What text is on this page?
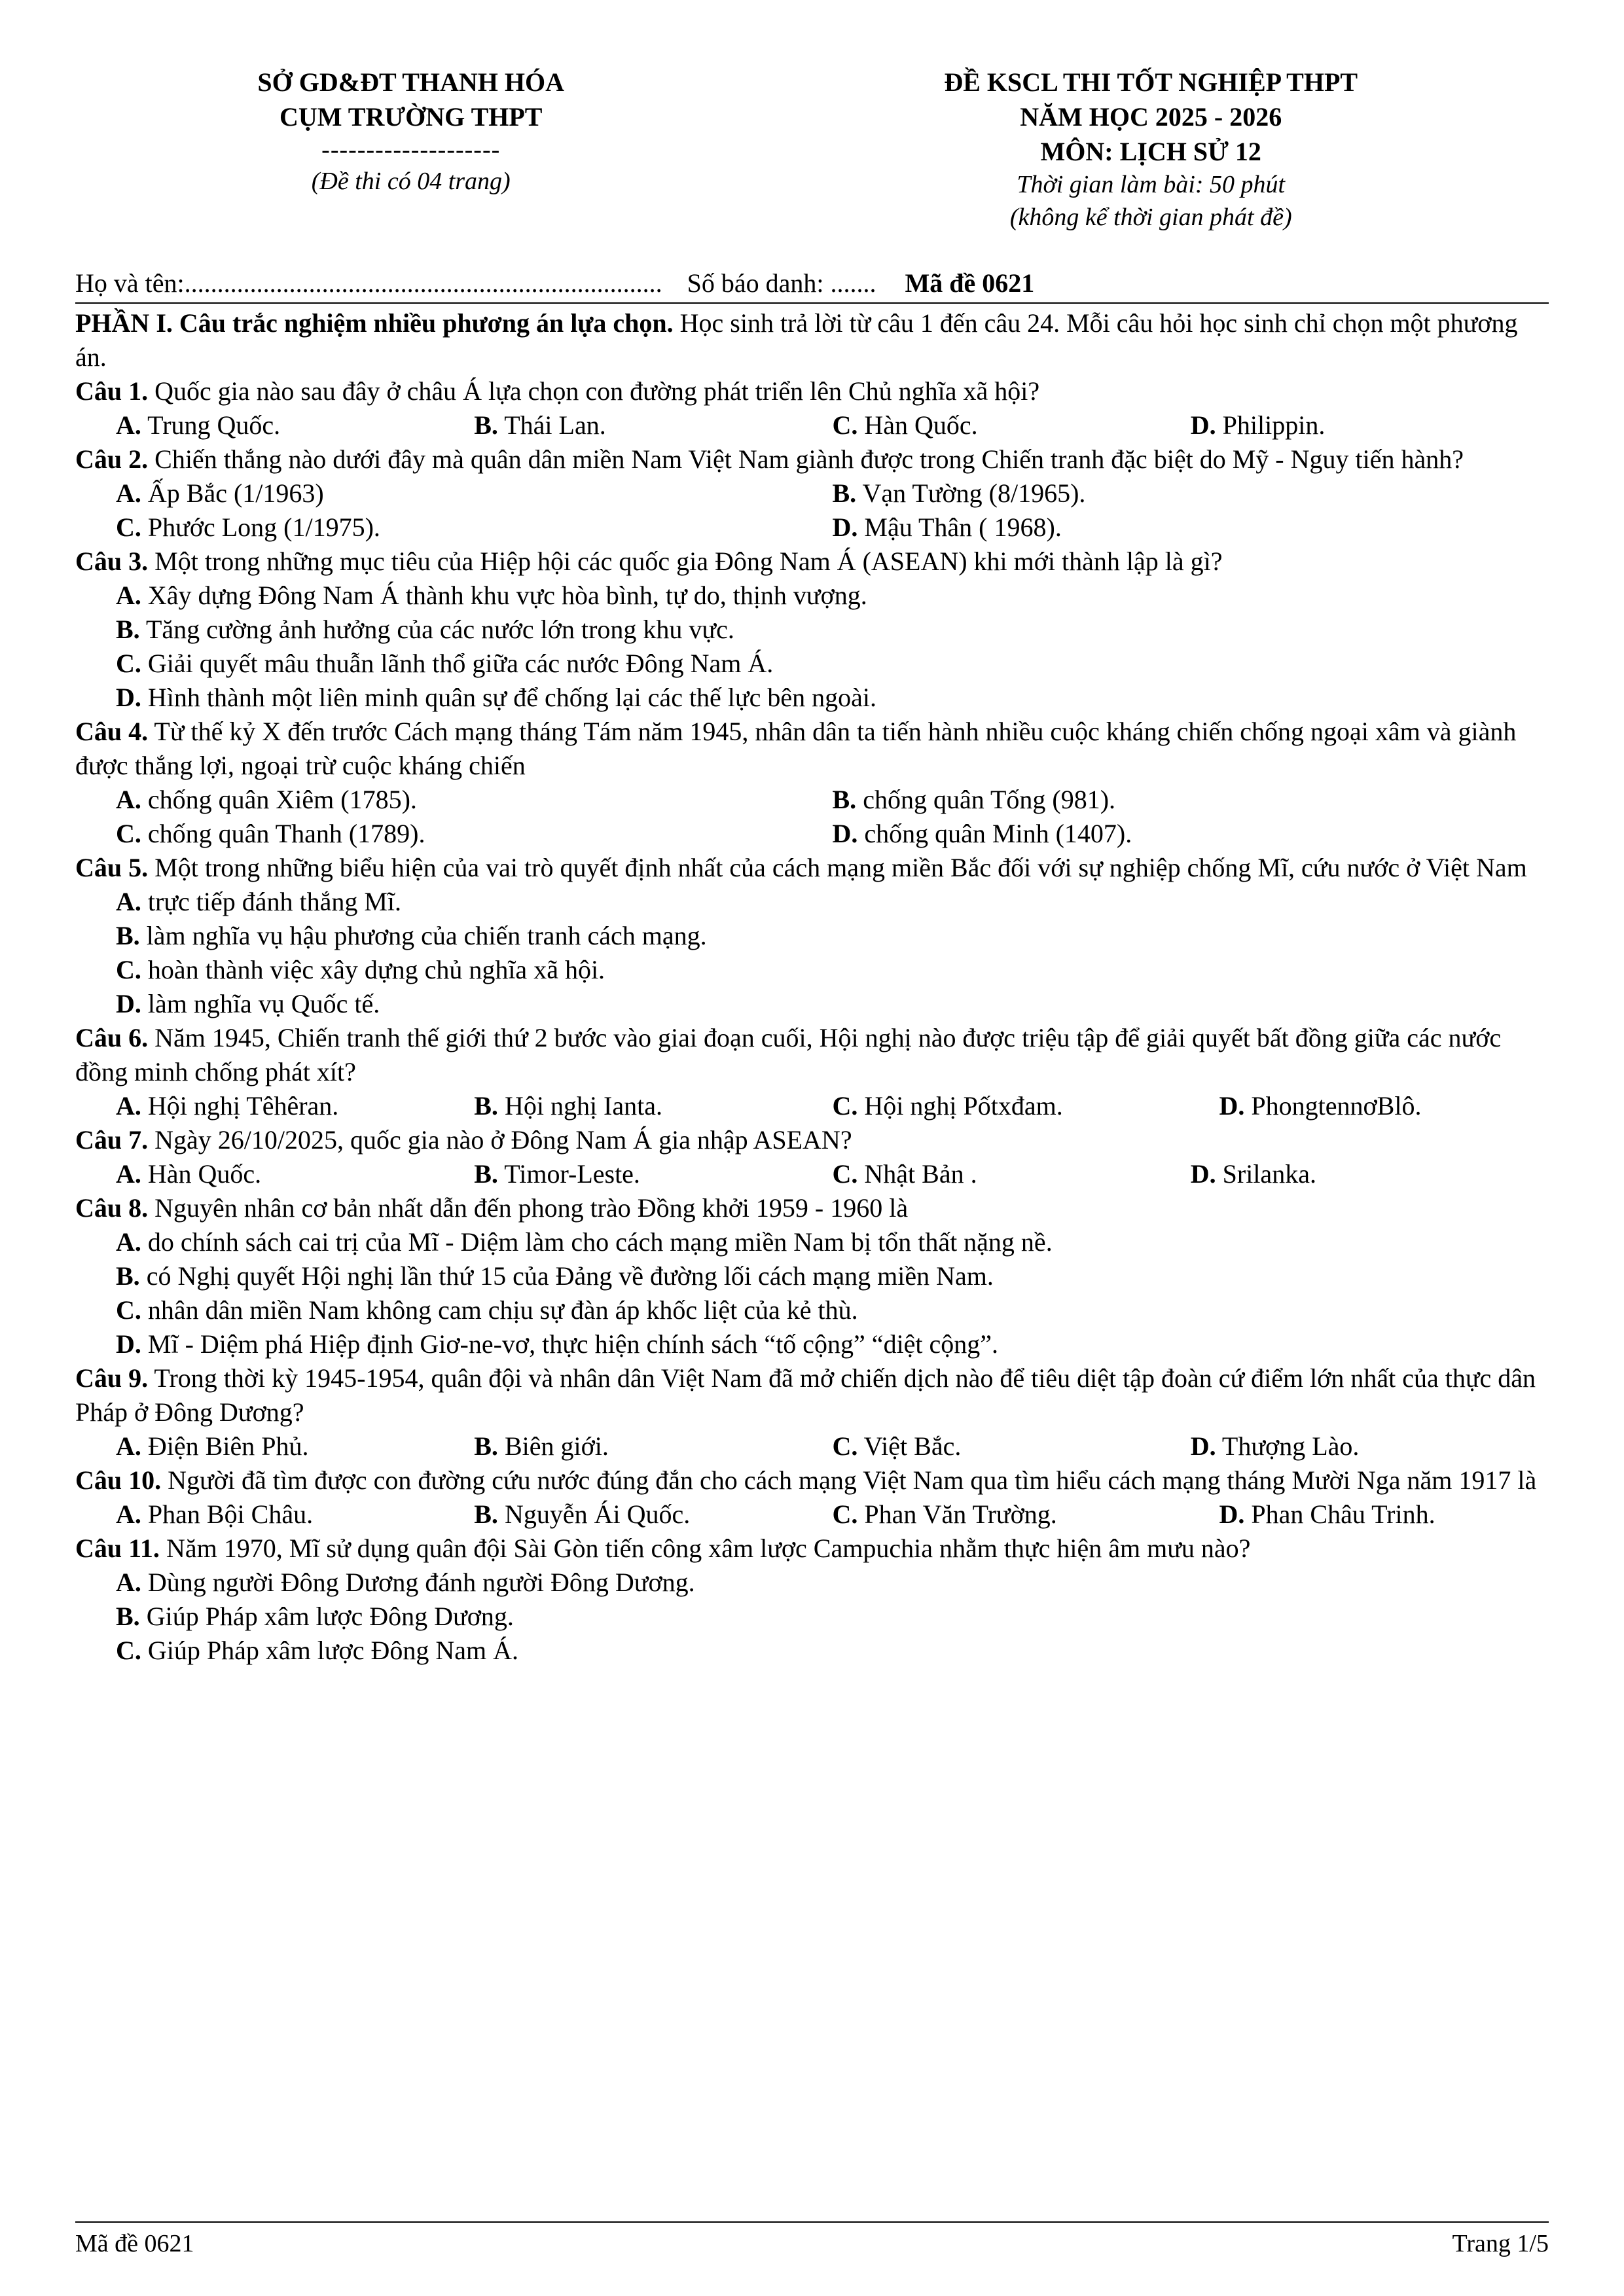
SỞ GD&ĐT THANH HÓA
CỤM TRƯỜNG THPT
--------------------
(Đề thi có 04 trang)
ĐỀ KSCL THI TỐT NGHIỆP THPT
NĂM HỌC 2025 - 2026
MÔN: LỊCH SỬ 12
Thời gian làm bài: 50 phút
(không kể thời gian phát đề)
Họ và tên: ......................................................................... Số báo danh: ....... Mã đề 0621

PHẦN I. Câu trắc nghiệm nhiều phương án lựa chọn. Học sinh trả lời từ câu 1 đến câu 24. Mỗi câu hỏi học sinh chỉ chọn một phương án.

Câu 1. Quốc gia nào sau đây ở châu Á lựa chọn con đường phát triển lên Chủ nghĩa xã hội?

A. Trung Quốc.	B. Thái Lan.	C. Hàn Quốc.	D. Philippin.

Câu 2. Chiến thắng nào dưới đây mà quân dân miền Nam Việt Nam giành được trong Chiến tranh đặc biệt do Mỹ - Nguy tiến hành?

A. Ấp Bắc (1/1963)	B. Vạn Tường (8/1965).
C. Phước Long (1/1975).	D. Mậu Thân ( 1968).

Câu 3. Một trong những mục tiêu của Hiệp hội các quốc gia Đông Nam Á (ASEAN) khi mới thành lập là gì?

A. Xây dựng Đông Nam Á thành khu vực hòa bình, tự do, thịnh vượng.

B. Tăng cường ảnh hưởng của các nước lớn trong khu vực.

C. Giải quyết mâu thuẫn lãnh thổ giữa các nước Đông Nam Á.

D. Hình thành một liên minh quân sự để chống lại các thế lực bên ngoài.

Câu 4. Từ thế kỷ X đến trước Cách mạng tháng Tám năm 1945, nhân dân ta tiến hành nhiều cuộc kháng chiến chống ngoại xâm và giành được thắng lợi, ngoại trừ cuộc kháng chiến

A. chống quân Xiêm (1785).	B. chống quân Tống (981).
C. chống quân Thanh (1789).	D. chống quân Minh (1407).

Câu 5. Một trong những biểu hiện của vai trò quyết định nhất của cách mạng miền Bắc đối với sự nghiệp chống Mĩ, cứu nước ở Việt Nam

A. trực tiếp đánh thắng Mĩ.

B. làm nghĩa vụ hậu phương của chiến tranh cách mạng.

C. hoàn thành việc xây dựng chủ nghĩa xã hội.

D. làm nghĩa vụ Quốc tế.

Câu 6. Năm 1945, Chiến tranh thế giới thứ 2 bước vào giai đoạn cuối, Hội nghị nào được triệu tập để giải quyết bất đồng giữa các nước đồng minh chống phát xít?

A. Hội nghị Têhêran.	B. Hội nghị Ianta.	C. Hội nghị Pốtxđam.	D. PhongtennơBlô.

Câu 7. Ngày 26/10/2025, quốc gia nào ở Đông Nam Á gia nhập ASEAN?

A. Hàn Quốc.	B. Timor-Leste.	C. Nhật Bản .	D. Srilanka.

Câu 8. Nguyên nhân cơ bản nhất dẫn đến phong trào Đồng khởi 1959 - 1960 là

A. do chính sách cai trị của Mĩ - Diệm làm cho cách mạng miền Nam bị tổn thất nặng nề.

B. có Nghị quyết Hội nghị lần thứ 15 của Đảng về đường lối cách mạng miền Nam.

C. nhân dân miền Nam không cam chịu sự đàn áp khốc liệt của kẻ thù.

D. Mĩ - Diệm phá Hiệp định Giơ-ne-vơ, thực hiện chính sách “tố cộng” “diệt cộng”.

Câu 9. Trong thời kỳ 1945-1954, quân đội và nhân dân Việt Nam đã mở chiến dịch nào để tiêu diệt tập đoàn cứ điểm lớn nhất của thực dân Pháp ở Đông Dương?

A. Điện Biên Phủ.	B. Biên giới.	C. Việt Bắc.	D. Thượng Lào.

Câu 10. Người đã tìm được con đường cứu nước đúng đắn cho cách mạng Việt Nam qua tìm hiểu cách mạng tháng Mười Nga năm 1917 là

A. Phan Bội Châu.	B. Nguyễn Ái Quốc.	C. Phan Văn Trường.	D. Phan Châu Trinh.

Câu 11. Năm 1970, Mĩ sử dụng quân đội Sài Gòn tiến công xâm lược Campuchia nhằm thực hiện âm mưu nào?

A. Dùng người Đông Dương đánh người Đông Dương.

B. Giúp Pháp xâm lược Đông Dương.

C. Giúp Pháp xâm lược Đông Nam Á.

Mã đề 0621	Trang 1/5
